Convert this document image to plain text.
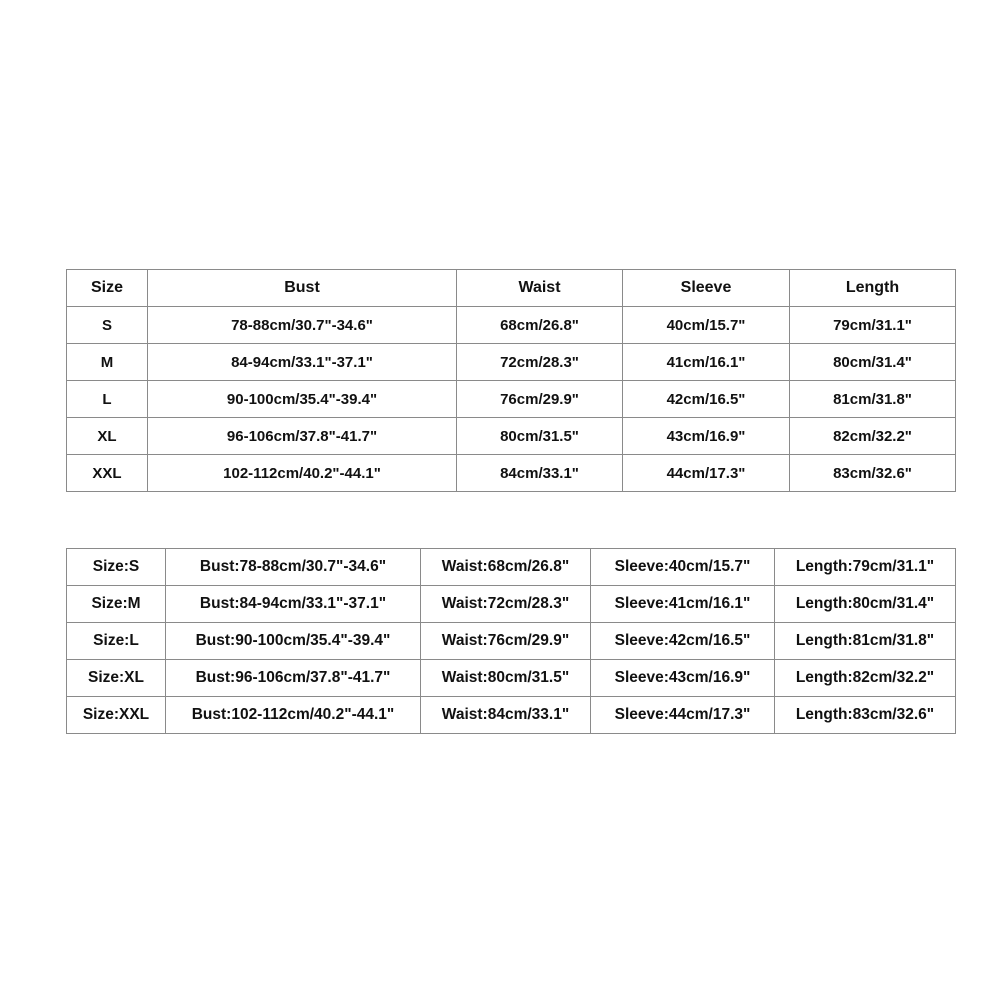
Size	Bust	Waist	Sleeve	Length
S	78-88cm/30.7"-34.6"	68cm/26.8"	40cm/15.7"	79cm/31.1"
M	84-94cm/33.1"-37.1"	72cm/28.3"	41cm/16.1"	80cm/31.4"
L	90-100cm/35.4"-39.4"	76cm/29.9"	42cm/16.5"	81cm/31.8"
XL	96-106cm/37.8"-41.7"	80cm/31.5"	43cm/16.9"	82cm/32.2"
XXL	102-112cm/40.2"-44.1"	84cm/33.1"	44cm/17.3"	83cm/32.6"
Size:S	Bust:78-88cm/30.7"-34.6"	Waist:68cm/26.8"	Sleeve:40cm/15.7"	Length:79cm/31.1"
Size:M	Bust:84-94cm/33.1"-37.1"	Waist:72cm/28.3"	Sleeve:41cm/16.1"	Length:80cm/31.4"
Size:L	Bust:90-100cm/35.4"-39.4"	Waist:76cm/29.9"	Sleeve:42cm/16.5"	Length:81cm/31.8"
Size:XL	Bust:96-106cm/37.8"-41.7"	Waist:80cm/31.5"	Sleeve:43cm/16.9"	Length:82cm/32.2"
Size:XXL	Bust:102-112cm/40.2"-44.1"	Waist:84cm/33.1"	Sleeve:44cm/17.3"	Length:83cm/32.6"
